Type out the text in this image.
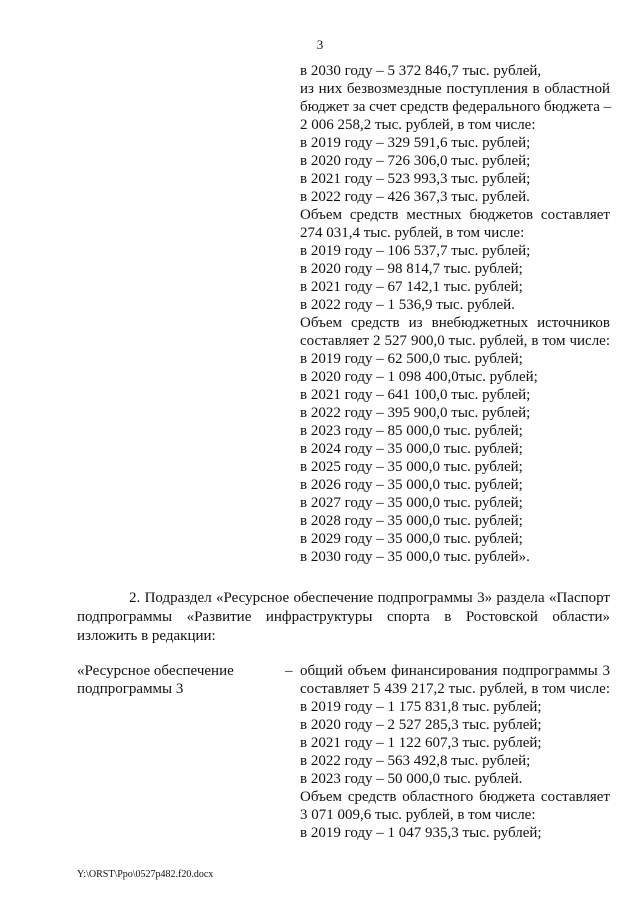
3
в 2030 году – 5 372 846,7 тыс. рублей,
из них безвозмездные поступления в областной
бюджет за счет средств федерального бюджета –
2 006 258,2 тыс. рублей, в том числе:
в 2019 году – 329 591,6 тыс. рублей;
в 2020 году – 726 306,0 тыс. рублей;
в 2021 году – 523 993,3 тыс. рублей;
в 2022 году – 426 367,3 тыс. рублей.
Объем средств местных бюджетов составляет
274 031,4 тыс. рублей, в том числе:
в 2019 году – 106 537,7 тыс. рублей;
в 2020 году – 98 814,7 тыс. рублей;
в 2021 году – 67 142,1 тыс. рублей;
в 2022 году – 1 536,9 тыс. рублей.
Объем средств из внебюджетных источников
составляет 2 527 900,0 тыс. рублей, в том числе:
в 2019 году – 62 500,0 тыс. рублей;
в 2020 году – 1 098 400,0тыс. рублей;
в 2021 году – 641 100,0 тыс. рублей;
в 2022 году – 395 900,0 тыс. рублей;
в 2023 году – 85 000,0 тыс. рублей;
в 2024 году – 35 000,0 тыс. рублей;
в 2025 году – 35 000,0 тыс. рублей;
в 2026 году – 35 000,0 тыс. рублей;
в 2027 году – 35 000,0 тыс. рублей;
в 2028 году – 35 000,0 тыс. рублей;
в 2029 году – 35 000,0 тыс. рублей;
в 2030 году – 35 000,0 тыс. рублей».
2. Подраздел «Ресурсное обеспечение подпрограммы 3» раздела «Паспорт
подпрограммы «Развитие инфраструктуры спорта в Ростовской области»
изложить в редакции:
«Ресурсное обеспечение
подпрограммы 3
– общий объем финансирования подпрограммы 3
составляет 5 439 217,2 тыс. рублей, в том числе:
в 2019 году – 1 175 831,8 тыс. рублей;
в 2020 году – 2 527 285,3 тыс. рублей;
в 2021 году – 1 122 607,3 тыс. рублей;
в 2022 году – 563 492,8 тыс. рублей;
в 2023 году – 50 000,0 тыс. рублей.
Объем средств областного бюджета составляет
3 071 009,6 тыс. рублей, в том числе:
в 2019 году – 1 047 935,3 тыс. рублей;
Y:\ORST\Ppo\0527p482.f20.docx
